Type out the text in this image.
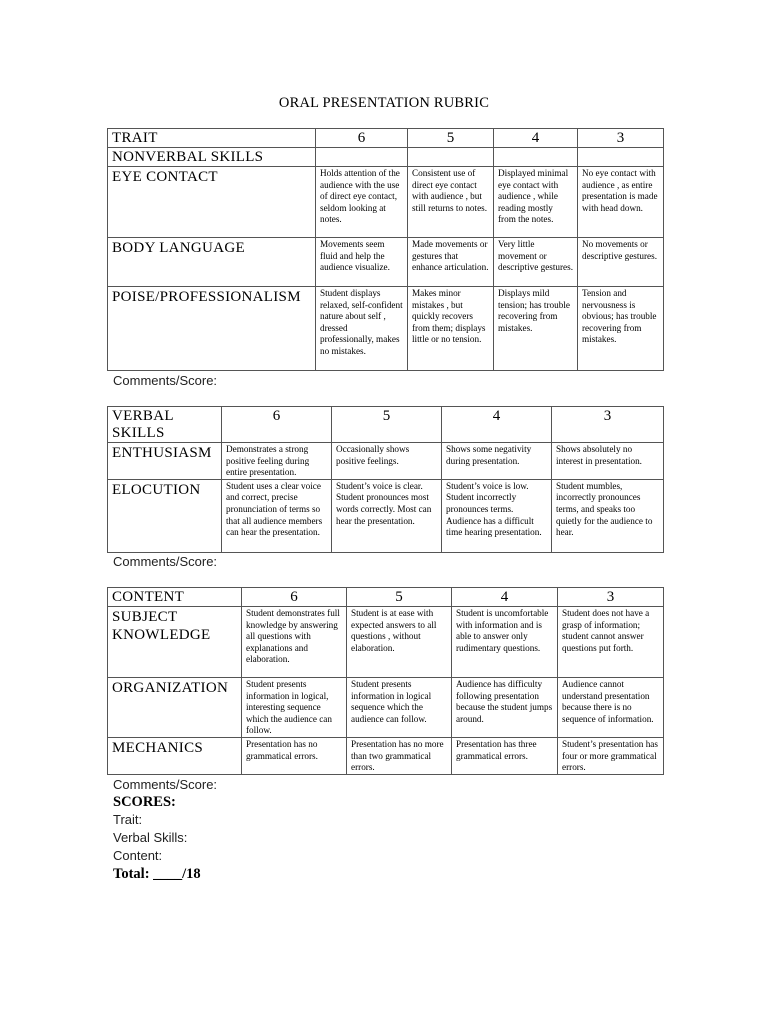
ORAL PRESENTATION RUBRIC
TRAIT	6	5	4	3
NONVERBAL SKILLS				
EYE CONTACT	Holds attention of the audience with the use of direct eye contact, seldom looking at notes.	Consistent use of direct eye contact with audience , but still returns to notes.	Displayed minimal eye contact with audience , while reading mostly from the notes.	No eye contact with audience , as entire presentation is made with head down.
BODY LANGUAGE	Movements seem fluid and help the audience visualize.	Made movements or gestures that enhance articulation.	Very little movement or descriptive gestures.	No movements or descriptive gestures.
POISE/PROFESSIONALISM	Student displays relaxed, self-confident nature about self , dressed professionally, makes no mistakes.	Makes minor mistakes , but quickly recovers from them; displays little or no tension.	Displays mild tension; has trouble recovering from mistakes.	Tension and nervousness is obvious; has trouble recovering from mistakes.
Comments/Score:
VERBAL SKILLS	6	5	4	3
ENTHUSIASM	Demonstrates a strong positive feeling during entire presentation.	Occasionally shows positive feelings.	Shows some negativity during presentation.	Shows absolutely no interest in presentation.
ELOCUTION	Student uses a clear voice and correct, precise pronunciation of terms so that all audience members can hear the presentation.	Student’s voice is clear. Student pronounces most words correctly. Most can hear the presentation.	Student’s voice is low. Student incorrectly pronounces terms. Audience has a difficult time hearing presentation.	Student mumbles, incorrectly pronounces terms, and speaks too quietly for the audience to hear.
Comments/Score:
CONTENT	6	5	4	3
SUBJECT KNOWLEDGE	Student demonstrates full knowledge by answering all questions with explanations and elaboration.	Student is at ease with expected answers to all questions , without elaboration.	Student is uncomfortable with information and is able to answer only rudimentary questions.	Student does not have a grasp of information; student cannot answer questions put forth.
ORGANIZATION	Student presents information in logical, interesting sequence which the audience can follow.	Student presents information in logical sequence which the audience can follow.	Audience has difficulty following presentation because the student jumps around.	Audience cannot understand presentation because there is no sequence of information.
MECHANICS	Presentation has no grammatical errors.	Presentation has no more than two grammatical errors.	Presentation has three grammatical errors.	Student’s presentation has four or more grammatical errors.
Comments/Score:
SCORES:
Trait:
Verbal Skills:
Content:
Total: ____/18
